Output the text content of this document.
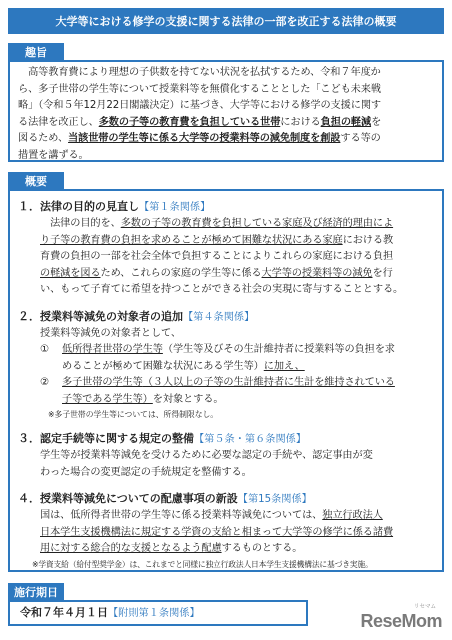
大学等における修学の支援に関する法律の一部を改正する法律の概要
趣旨

　高等教育費により理想の子供数を持てない状況を払拭するため、令和７年度か

ら、多子世帯の学生等について授業料等を無償化することとした「こども未来戦

略」（令和５年12月22日閣議決定）に基づき、大学等における修学の支援に関す

る法律を改正し、多数の子等の教育費を負担している世帯における負担の軽減を

図るため、当該世帯の学生等に係る大学等の授業料等の減免制度を創設する等の

措置を講ずる。

概要

１．法律の目的の見直し【第１条関係】

　法律の目的を、多数の子等の教育費を負担している家庭及び経済的理由によ

り子等の教育費の負担を求めることが極めて困難な状況にある家庭における教

育費の負担の一部を社会全体で負担することによりこれらの家庭における負担

の軽減を図るため、これらの家庭の学生等に係る大学等の授業料等の減免を行

い、もって子育てに希望を持つことができる社会の実現に寄与することとする。

２．授業料等減免の対象者の追加【第４条関係】

授業料等減免の対象者として、

①	低所得者世帯の学生等（学生等及びその生計維持者に授業料等の負担を求

めることが極めて困難な状況にある学生等）に加え、

②	多子世帯の学生等（３人以上の子等の生計維持者に生計を維持されている

子等である学生等）を対象とする。

※多子世帯の学生等については、所得制限なし。

３．認定手続等に関する規定の整備【第５条・第６条関係】

学生等が授業料等減免を受けるために必要な認定の手続や、認定事由が変

わった場合の変更認定の手続規定を整備する。

４．授業料等減免についての配慮事項の新設【第15条関係】

国は、低所得者世帯の学生等に係る授業料等減免については、独立行政法人

日本学生支援機構法に規定する学資の支給と相まって大学等の修学に係る諸費

用に対する総合的な支援となるよう配慮するものとする。

※学資支給（給付型奨学金）は、これまでと同様に独立行政法人日本学生支援機構法に基づき実施。

施行期日

令和７年４月１日【附則第１条関係】

リセマム
ReseMom
